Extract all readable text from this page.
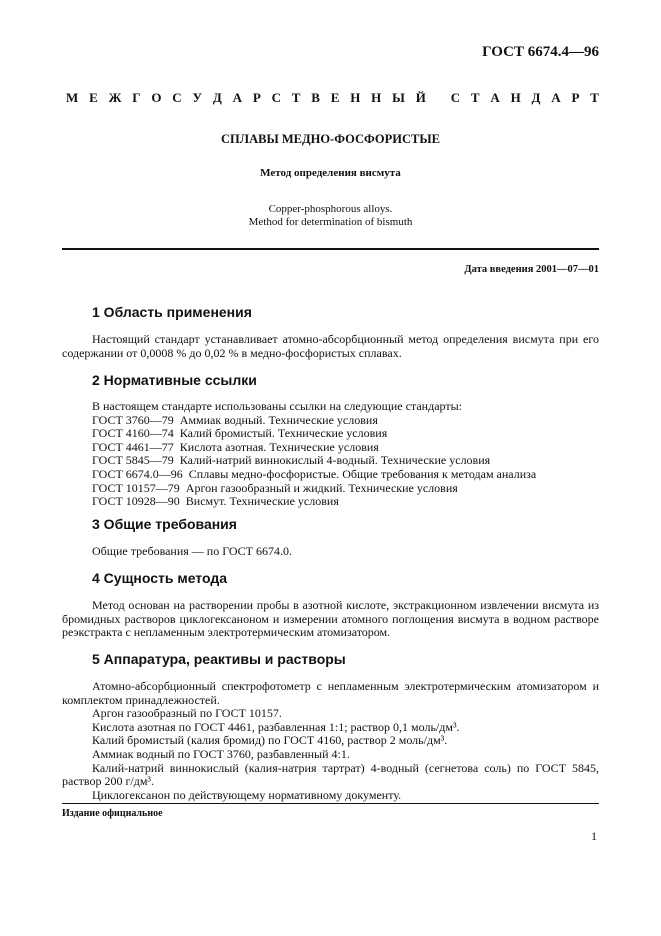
ГОСТ 6674.4—96
М Е Ж Г О С У Д А Р С Т В Е Н Н Ы Й
С Т А Н Д А Р Т
СПЛАВЫ МЕДНО-ФОСФОРИСТЫЕ
Метод определения висмута
Copper-phosphorous alloys.
Method for determination of bismuth
Дата введения 2001—07—01
1 Область применения

Настоящий стандарт устанавливает атомно-абсорбционный метод определения висмута при его содержании от 0,0008 % до 0,02 % в медно-фосфористых сплавах.

2 Нормативные ссылки
В настоящем стандарте использованы ссылки на следующие стандарты:
ГОСТ 3760—79  Аммиак водный. Технические условия
ГОСТ 4160—74  Калий бромистый. Технические условия
ГОСТ 4461—77  Кислота азотная. Технические условия
ГОСТ 5845—79  Калий-натрий виннокислый 4-водный. Технические условия
ГОСТ 6674.0—96  Сплавы медно-фосфористые. Общие требования к методам анализа
ГОСТ 10157—79  Аргон газообразный и жидкий. Технические условия
ГОСТ 10928—90  Висмут. Технические условия
3 Общие требования
Общие требования — по ГОСТ 6674.0.
4 Сущность метода

Метод основан на растворении пробы в азотной кислоте, экстракционном извлечении висмута из бромидных растворов циклогексаноном и измерении атомного поглощения висмута в водном растворе реэкстракта с непламенным электротермическим атомизатором.

5 Аппаратура, реактивы и растворы

Атомно-абсорбционный спектрофотометр с непламенным электротермическим атомизатором и комплектом принадлежностей.

Аргон газообразный по ГОСТ 10157.

Кислота азотная по ГОСТ 4461, разбавленная 1:1; раствор 0,1 моль/дм³.

Калий бромистый (калия бромид) по ГОСТ 4160, раствор 2 моль/дм³.

Аммиак водный по ГОСТ 3760, разбавленный 4:1.

Калий-натрий виннокислый (калия-натрия тартрат) 4-водный (сегнетова соль) по ГОСТ 5845, раствор 200 г/дм³.

Циклогексанон по действующему нормативному документу.

Издание официальное
1
